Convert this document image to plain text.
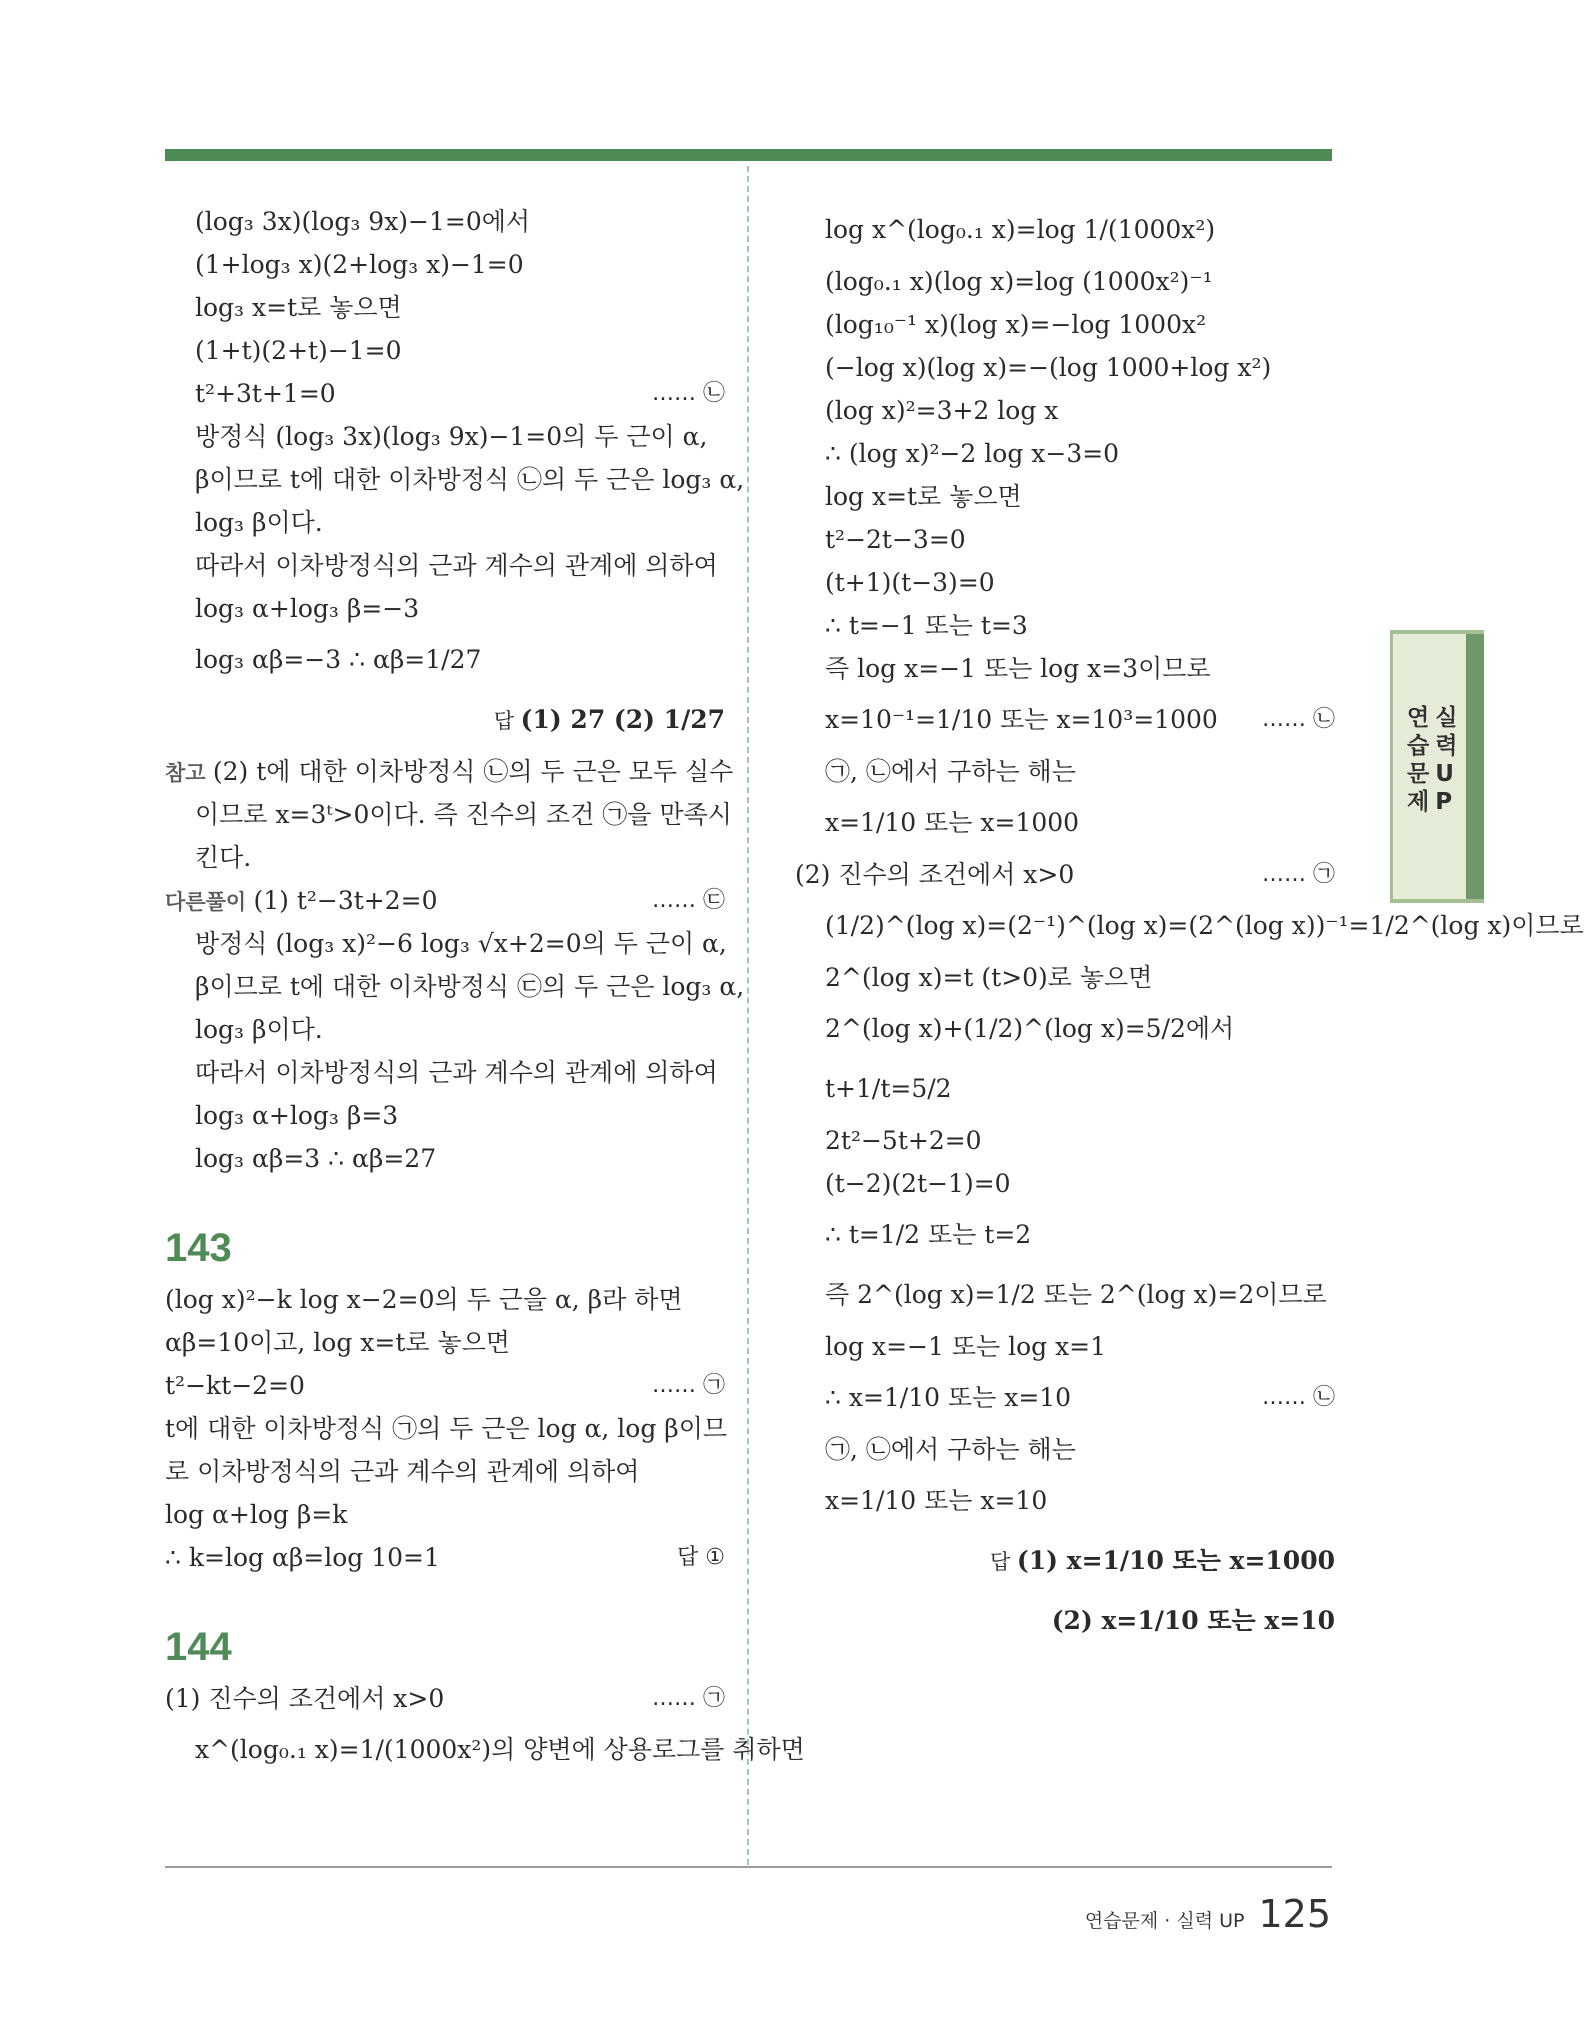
(log₃ 3x)(log₃ 9x)−1=0에서
(1+log₃ x)(2+log₃ x)−1=0
log₃ x=t로 놓으면
(1+t)(2+t)−1=0
t²+3t+1=0	…… ㉡
방정식 (log₃ 3x)(log₃ 9x)−1=0의 두 근이 α,
β이므로 t에 대한 이차방정식 ㉡의 두 근은 log₃ α,
log₃ β이다.
따라서 이차방정식의 근과 계수의 관계에 의하여
log₃ α+log₃ β=−3
log₃ αβ=−3 ∴ αβ=1/27
답 (1) 27 (2) 1/27
참고 (2) t에 대한 이차방정식 ㉡의 두 근은 모두 실수
이므로 x=3ᵗ>0이다. 즉 진수의 조건 ㉠을 만족시
킨다.
다른풀이 (1) t²−3t+2=0	…… ㉢
방정식 (log₃ x)²−6 log₃ √x+2=0의 두 근이 α,
β이므로 t에 대한 이차방정식 ㉢의 두 근은 log₃ α,
log₃ β이다.
따라서 이차방정식의 근과 계수의 관계에 의하여
log₃ α+log₃ β=3
log₃ αβ=3 ∴ αβ=27
143
(log x)²−k log x−2=0의 두 근을 α, β라 하면
αβ=10이고, log x=t로 놓으면
t²−kt−2=0	…… ㉠
t에 대한 이차방정식 ㉠의 두 근은 log α, log β이므
로 이차방정식의 근과 계수의 관계에 의하여
log α+log β=k
∴ k=log αβ=log 10=1	답 ①
144
(1) 진수의 조건에서 x>0	…… ㉠
x^(log₀.₁ x)=1/(1000x²)의 양변에 상용로그를 취하면
log x^(log₀.₁ x)=log 1/(1000x²)
(log₀.₁ x)(log x)=log (1000x²)⁻¹
(log₁₀⁻¹ x)(log x)=−log 1000x²
(−log x)(log x)=−(log 1000+log x²)
(log x)²=3+2 log x
∴ (log x)²−2 log x−3=0
log x=t로 놓으면
t²−2t−3=0
(t+1)(t−3)=0
∴ t=−1 또는 t=3
즉 log x=−1 또는 log x=3이므로
x=10⁻¹=1/10 또는 x=10³=1000 …… ㉡
㉠, ㉡에서 구하는 해는
x=1/10 또는 x=1000
(2) 진수의 조건에서 x>0	…… ㉠
(1/2)^(log x)=(2⁻¹)^(log x)=(2^(log x))⁻¹=1/2^(log x)이므로
2^(log x)=t (t>0)로 놓으면
2^(log x)+(1/2)^(log x)=5/2에서
t+1/t=5/2
2t²−5t+2=0
(t−2)(2t−1)=0
∴ t=1/2 또는 t=2
즉 2^(log x)=1/2 또는 2^(log x)=2이므로
log x=−1 또는 log x=1
∴ x=1/10 또는 x=10	…… ㉡
㉠, ㉡에서 구하는 해는
x=1/10 또는 x=10
답 (1) x=1/10 또는 x=1000
(2) x=1/10 또는 x=10
연
습
문
제
실
력
U
P
연습문제 · 실력 UP 125
